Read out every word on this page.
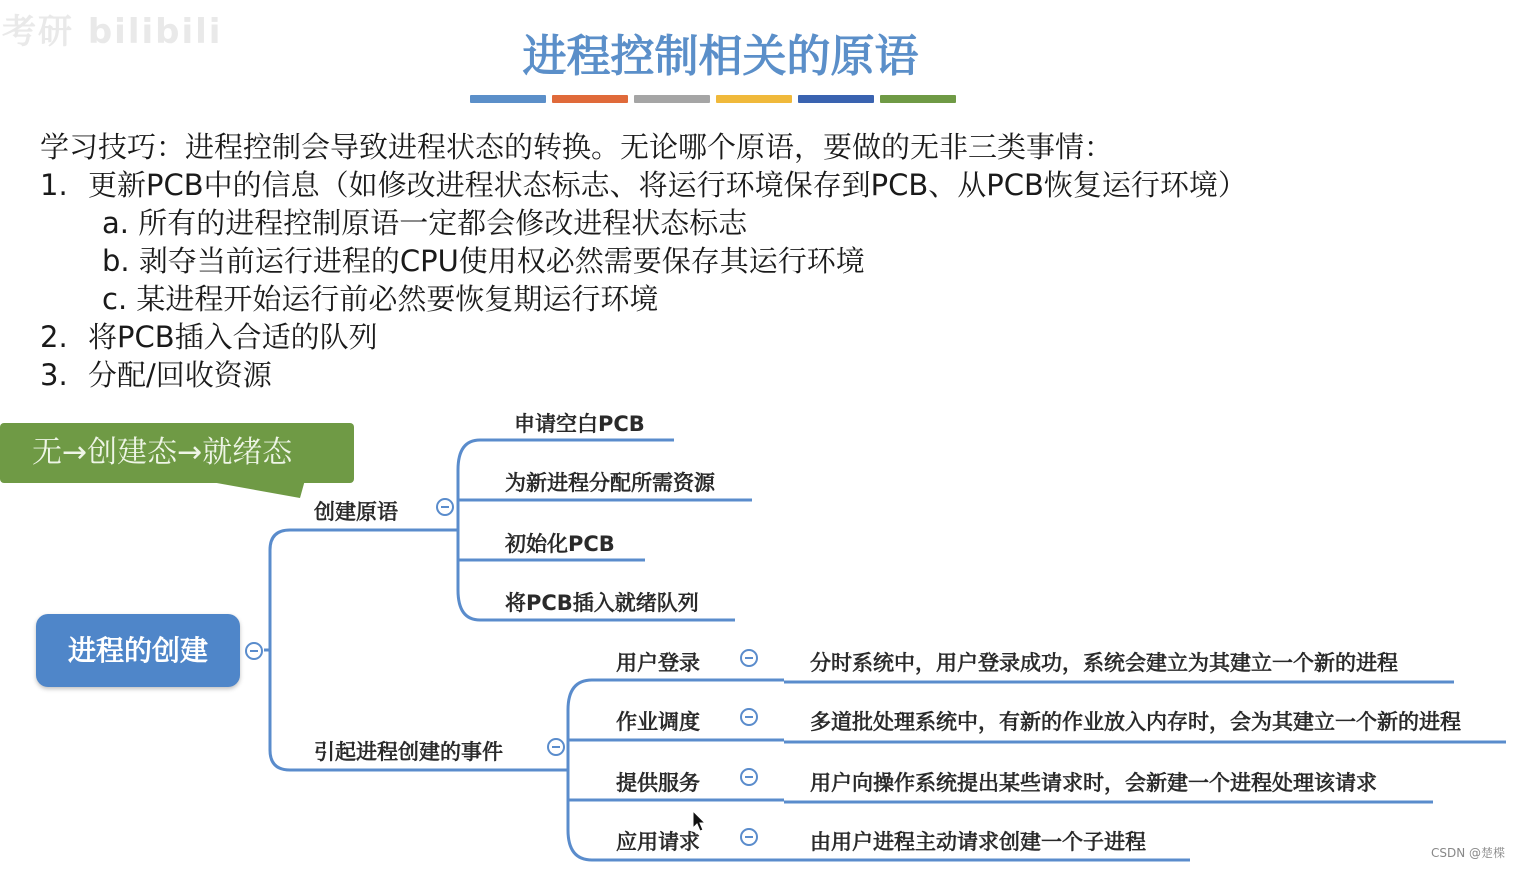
考研 bilibili	进程控制相关的原语
学习技巧：进程控制会导致进程状态的转换。无论哪个原语，要做的无非三类事情：
1. 更新PCB中的信息（如修改进程状态标志、将运行环境保存到PCB、从PCB恢复运行环境）
a. 所有的进程控制原语一定都会修改进程状态标志
b. 剥夺当前运行进程的CPU使用权必然需要保存其运行环境
c. 某进程开始运行前必然要恢复期运行环境
2. 将PCB插入合适的队列
3. 分配/回收资源
无→创建态→就绪态
进程的创建
创建原语
申请空白PCB
为新进程分配所需资源
初始化PCB
将PCB插入就绪队列
引起进程创建的事件
用户登录	分时系统中，用户登录成功，系统会建立为其建立一个新的进程
作业调度	多道批处理系统中，有新的作业放入内存时，会为其建立一个新的进程
提供服务	用户向操作系统提出某些请求时，会新建一个进程处理该请求
应用请求	由用户进程主动请求创建一个子进程	CSDN @楚楪
